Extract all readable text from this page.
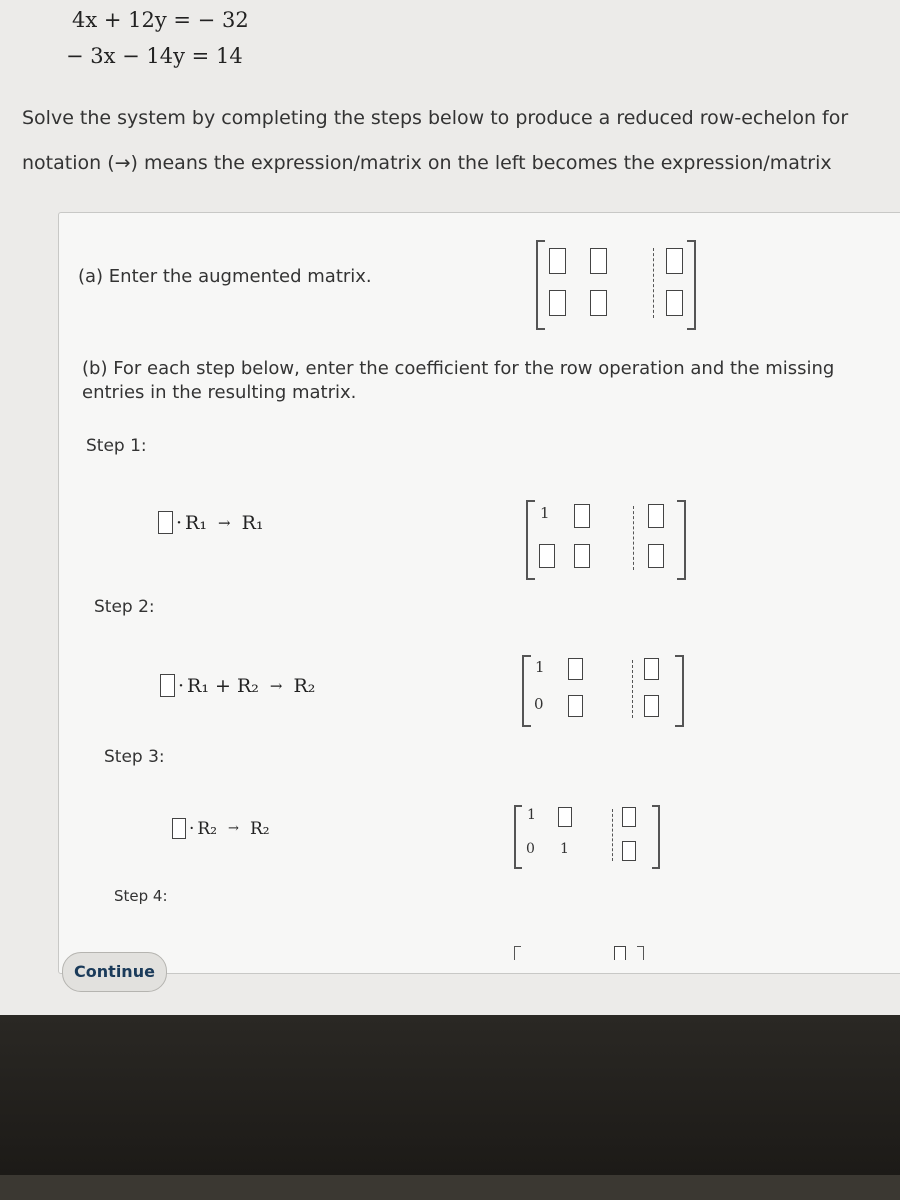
4x + 12y = − 32
− 3x − 14y = 14
Solve the system by completing the steps below to produce a reduced row-echelon for
notation (→) means the expression/matrix on the left becomes the expression/matrix
(a) Enter the augmented matrix.
(b) For each step below, enter the coefficient for the row operation and the missing
entries in the resulting matrix.
Step 1:
· R₁ → R₁	1
Step 2:
· R₁ + R₂ → R₂
1
0
Step 3:
· R₂ → R₂
1
0 1
Step 4:
Continue
